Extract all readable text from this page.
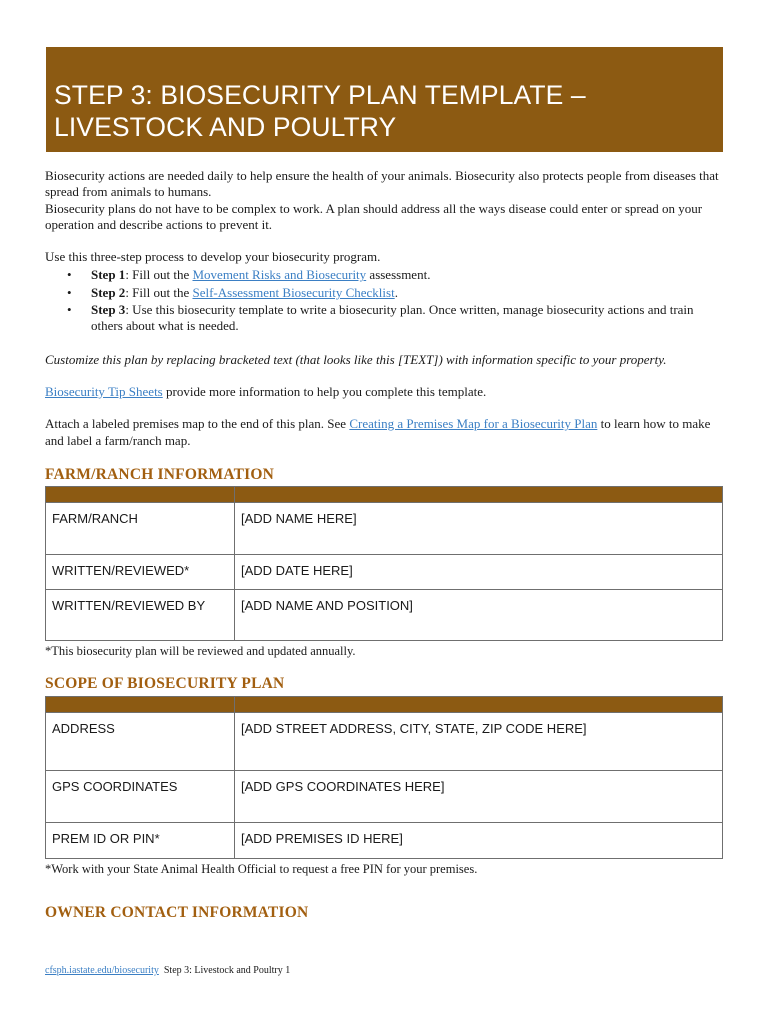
STEP 3: BIOSECURITY PLAN TEMPLATE –
LIVESTOCK AND POULTRY

Biosecurity actions are needed daily to help ensure the health of your animals. Biosecurity also protects people from diseases that spread from animals to humans.

Biosecurity plans do not have to be complex to work. A plan should address all the ways disease could enter or spread on your operation and describe actions to prevent it.

Use this three-step process to develop your biosecurity program.

• Step 1: Fill out the Movement Risks and Biosecurity assessment.
• Step 2: Fill out the Self-Assessment Biosecurity Checklist.
• Step 3: Use this biosecurity template to write a biosecurity plan. Once written, manage biosecurity actions and train others about what is needed.

Customize this plan by replacing bracketed text (that looks like this [TEXT]) with information specific to your property.

Biosecurity Tip Sheets provide more information to help you complete this template.

Attach a labeled premises map to the end of this plan. See Creating a Premises Map for a Biosecurity Plan to learn how to make and label a farm/ranch map.

FARM/RANCH INFORMATION

FARM/RANCH	[ADD NAME HERE]
WRITTEN/REVIEWED*	[ADD DATE HERE]
WRITTEN/REVIEWED BY	[ADD NAME AND POSITION]

*This biosecurity plan will be reviewed and updated annually.

SCOPE OF BIOSECURITY PLAN

ADDRESS	[ADD STREET ADDRESS, CITY, STATE, ZIP CODE HERE]
GPS COORDINATES	[ADD GPS COORDINATES HERE]
PREM ID OR PIN*	[ADD PREMISES ID HERE]

*Work with your State Animal Health Official to request a free PIN for your premises.

OWNER CONTACT INFORMATION
cfsph.iastate.edu/biosecurity Step 3: Livestock and Poultry 1
